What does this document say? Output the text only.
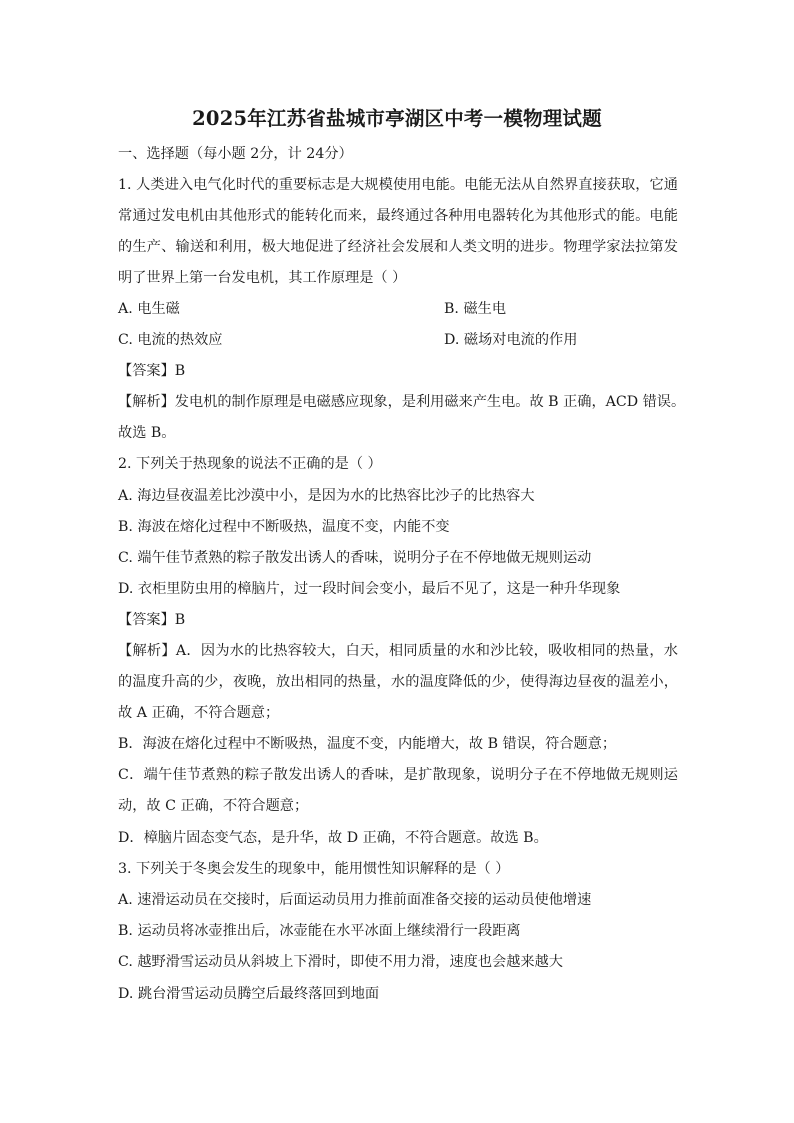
2025年江苏省盐城市亭湖区中考一模物理试题
一、选择题（每小题 2分，计 24分）
1. 人类进入电气化时代的重要标志是大规模使用电能。电能无法从自然界直接获取，它通
常通过发电机由其他形式的能转化而来，最终通过各种用电器转化为其他形式的能。电能
的生产、输送和利用，极大地促进了经济社会发展和人类文明的进步。物理学家法拉第发
明了世界上第一台发电机，其工作原理是（ ）
A. 电生磁	B. 磁生电
C. 电流的热效应	D. 磁场对电流的作用
【答案】B
【解析】发电机的制作原理是电磁感应现象，是利用磁来产生电。故 B 正确，ACD 错误。
故选 B。
2. 下列关于热现象的说法不正确的是（ ）
A. 海边昼夜温差比沙漠中小，是因为水的比热容比沙子的比热容大
B. 海波在熔化过程中不断吸热，温度不变，内能不变
C. 端午佳节煮熟的粽子散发出诱人的香味，说明分子在不停地做无规则运动
D. 衣柜里防虫用的樟脑片，过一段时间会变小，最后不见了，这是一种升华现象
【答案】B
【解析】A．因为水的比热容较大，白天，相同质量的水和沙比较，吸收相同的热量，水
的温度升高的少，夜晚，放出相同的热量，水的温度降低的少，使得海边昼夜的温差小，
故 A 正确，不符合题意；
B．海波在熔化过程中不断吸热，温度不变，内能增大，故 B 错误，符合题意；
C．端午佳节煮熟的粽子散发出诱人的香味，是扩散现象，说明分子在不停地做无规则运
动，故 C 正确，不符合题意；
D．樟脑片固态变气态，是升华，故 D 正确，不符合题意。故选 B。
3. 下列关于冬奥会发生的现象中，能用惯性知识解释的是（ ）
A. 速滑运动员在交接时，后面运动员用力推前面准备交接的运动员使他增速
B. 运动员将冰壶推出后，冰壶能在水平冰面上继续滑行一段距离
C. 越野滑雪运动员从斜坡上下滑时，即使不用力滑，速度也会越来越大
D. 跳台滑雪运动员腾空后最终落回到地面
